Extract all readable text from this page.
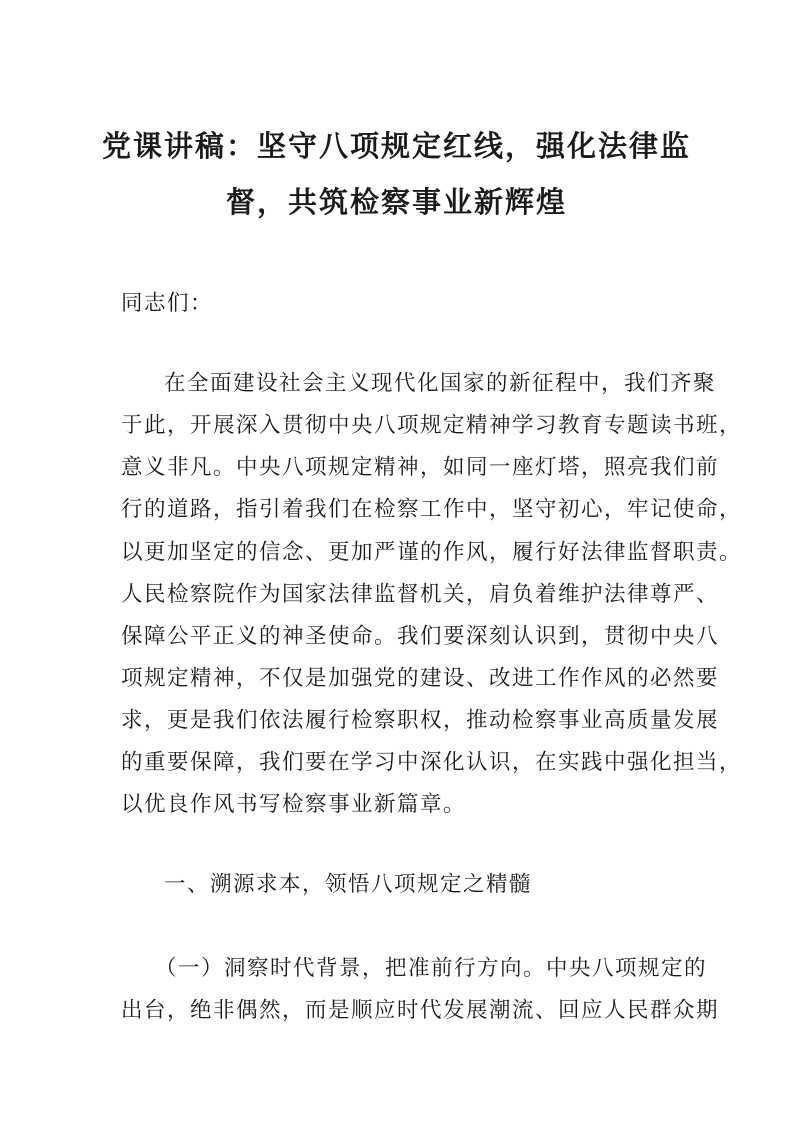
党课讲稿：坚守八项规定红线，强化法律监
督，共筑检察事业新辉煌

同志们：

在全面建设社会主义现代化国家的新征程中，我们齐聚

于此，开展深入贯彻中央八项规定精神学习教育专题读书班，

意义非凡。中央八项规定精神，如同一座灯塔，照亮我们前

行的道路，指引着我们在检察工作中，坚守初心，牢记使命，

以更加坚定的信念、更加严谨的作风，履行好法律监督职责。

人民检察院作为国家法律监督机关，肩负着维护法律尊严、

保障公平正义的神圣使命。我们要深刻认识到，贯彻中央八

项规定精神，不仅是加强党的建设、改进工作作风的必然要

求，更是我们依法履行检察职权，推动检察事业高质量发展

的重要保障，我们要在学习中深化认识，在实践中强化担当，

以优良作风书写检察事业新篇章。

一、溯源求本，领悟八项规定之精髓

（一）洞察时代背景，把准前行方向。中央八项规定的

出台，绝非偶然，而是顺应时代发展潮流、回应人民群众期
